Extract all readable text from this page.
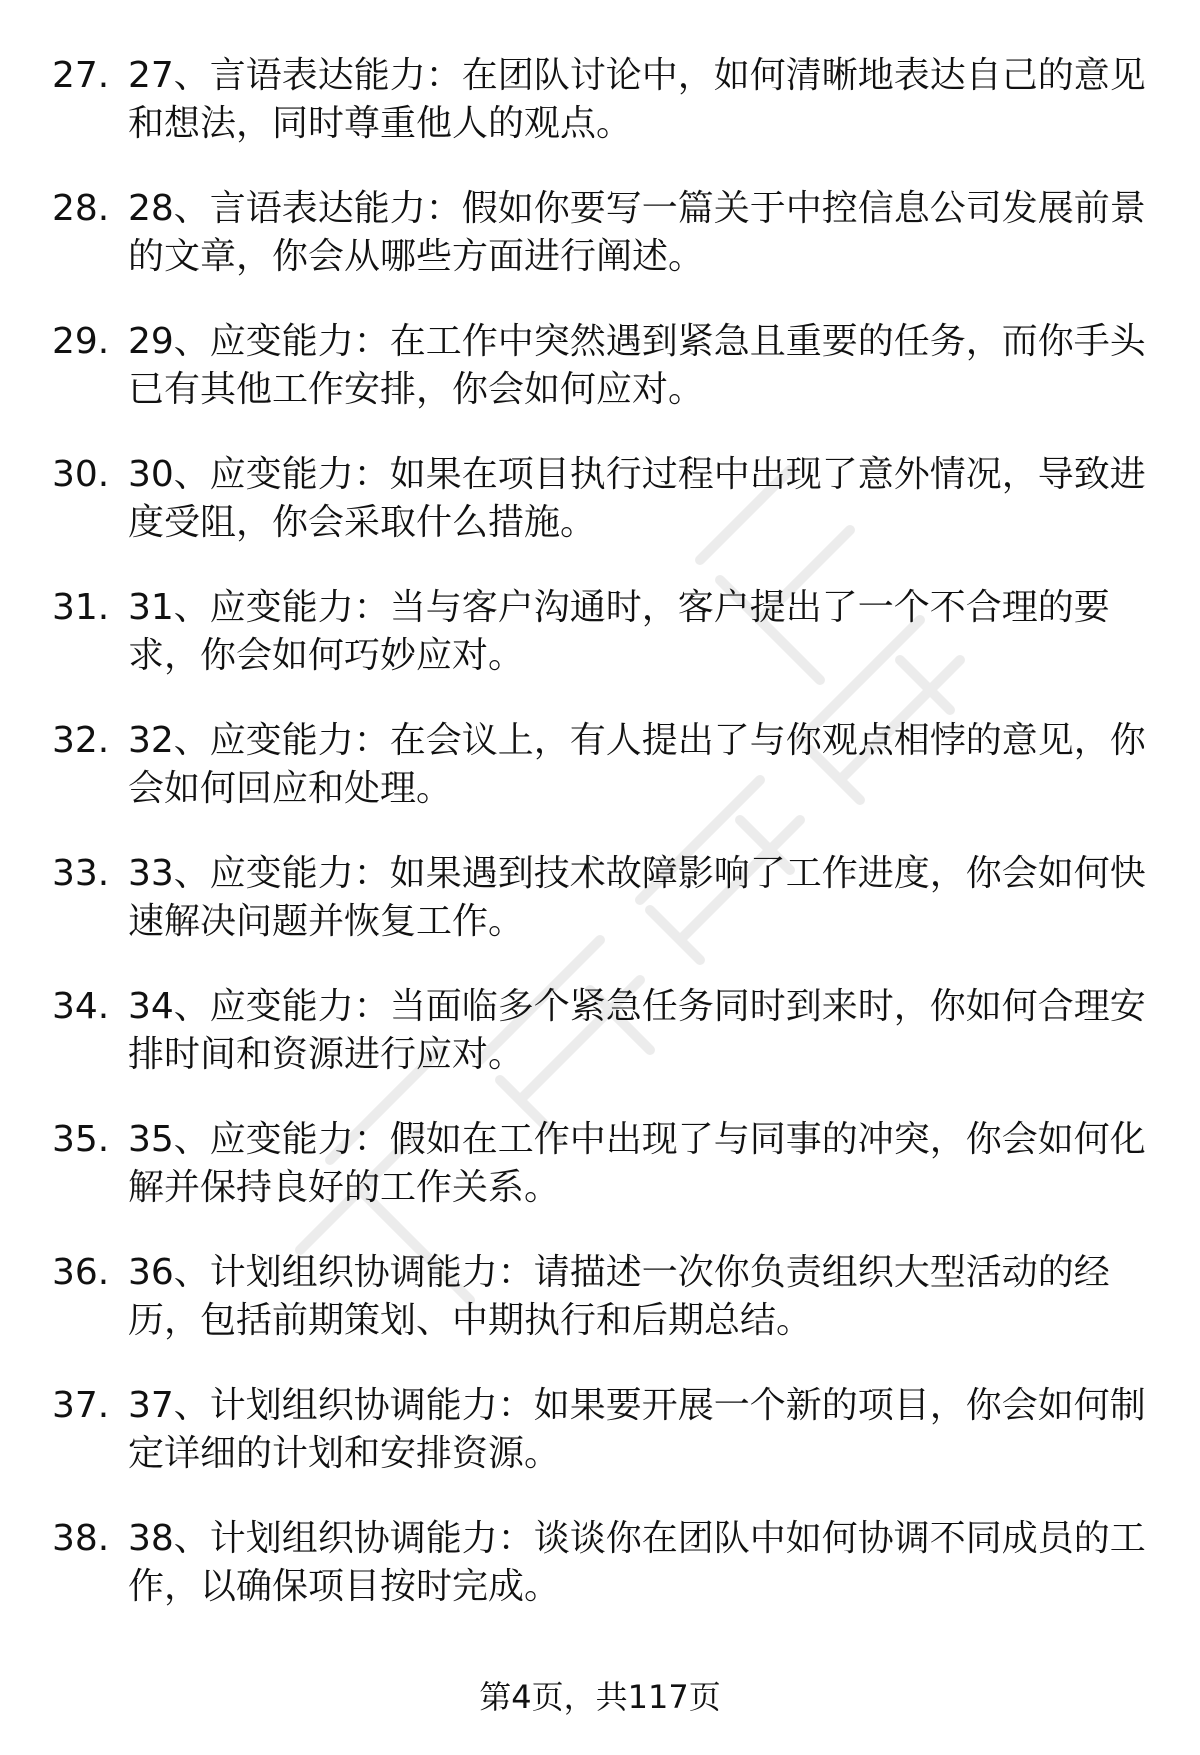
27. 27、言语表达能力：在团队讨论中，如何清晰地表达自己的意见和想法，同时尊重他人的观点。
28. 28、言语表达能力：假如你要写一篇关于中控信息公司发展前景的文章，你会从哪些方面进行阐述。
29. 29、应变能力：在工作中突然遇到紧急且重要的任务，而你手头已有其他工作安排，你会如何应对。
30. 30、应变能力：如果在项目执行过程中出现了意外情况，导致进度受阻，你会采取什么措施。
31. 31、应变能力：当与客户沟通时，客户提出了一个不合理的要求，你会如何巧妙应对。
32. 32、应变能力：在会议上，有人提出了与你观点相悖的意见，你会如何回应和处理。
33. 33、应变能力：如果遇到技术故障影响了工作进度，你会如何快速解决问题并恢复工作。
34. 34、应变能力：当面临多个紧急任务同时到来时，你如何合理安排时间和资源进行应对。
35. 35、应变能力：假如在工作中出现了与同事的冲突，你会如何化解并保持良好的工作关系。
36. 36、计划组织协调能力：请描述一次你负责组织大型活动的经历，包括前期策划、中期执行和后期总结。
37. 37、计划组织协调能力：如果要开展一个新的项目，你会如何制定详细的计划和安排资源。
38. 38、计划组织协调能力：谈谈你在团队中如何协调不同成员的工作，以确保项目按时完成。
第4页，共117页
